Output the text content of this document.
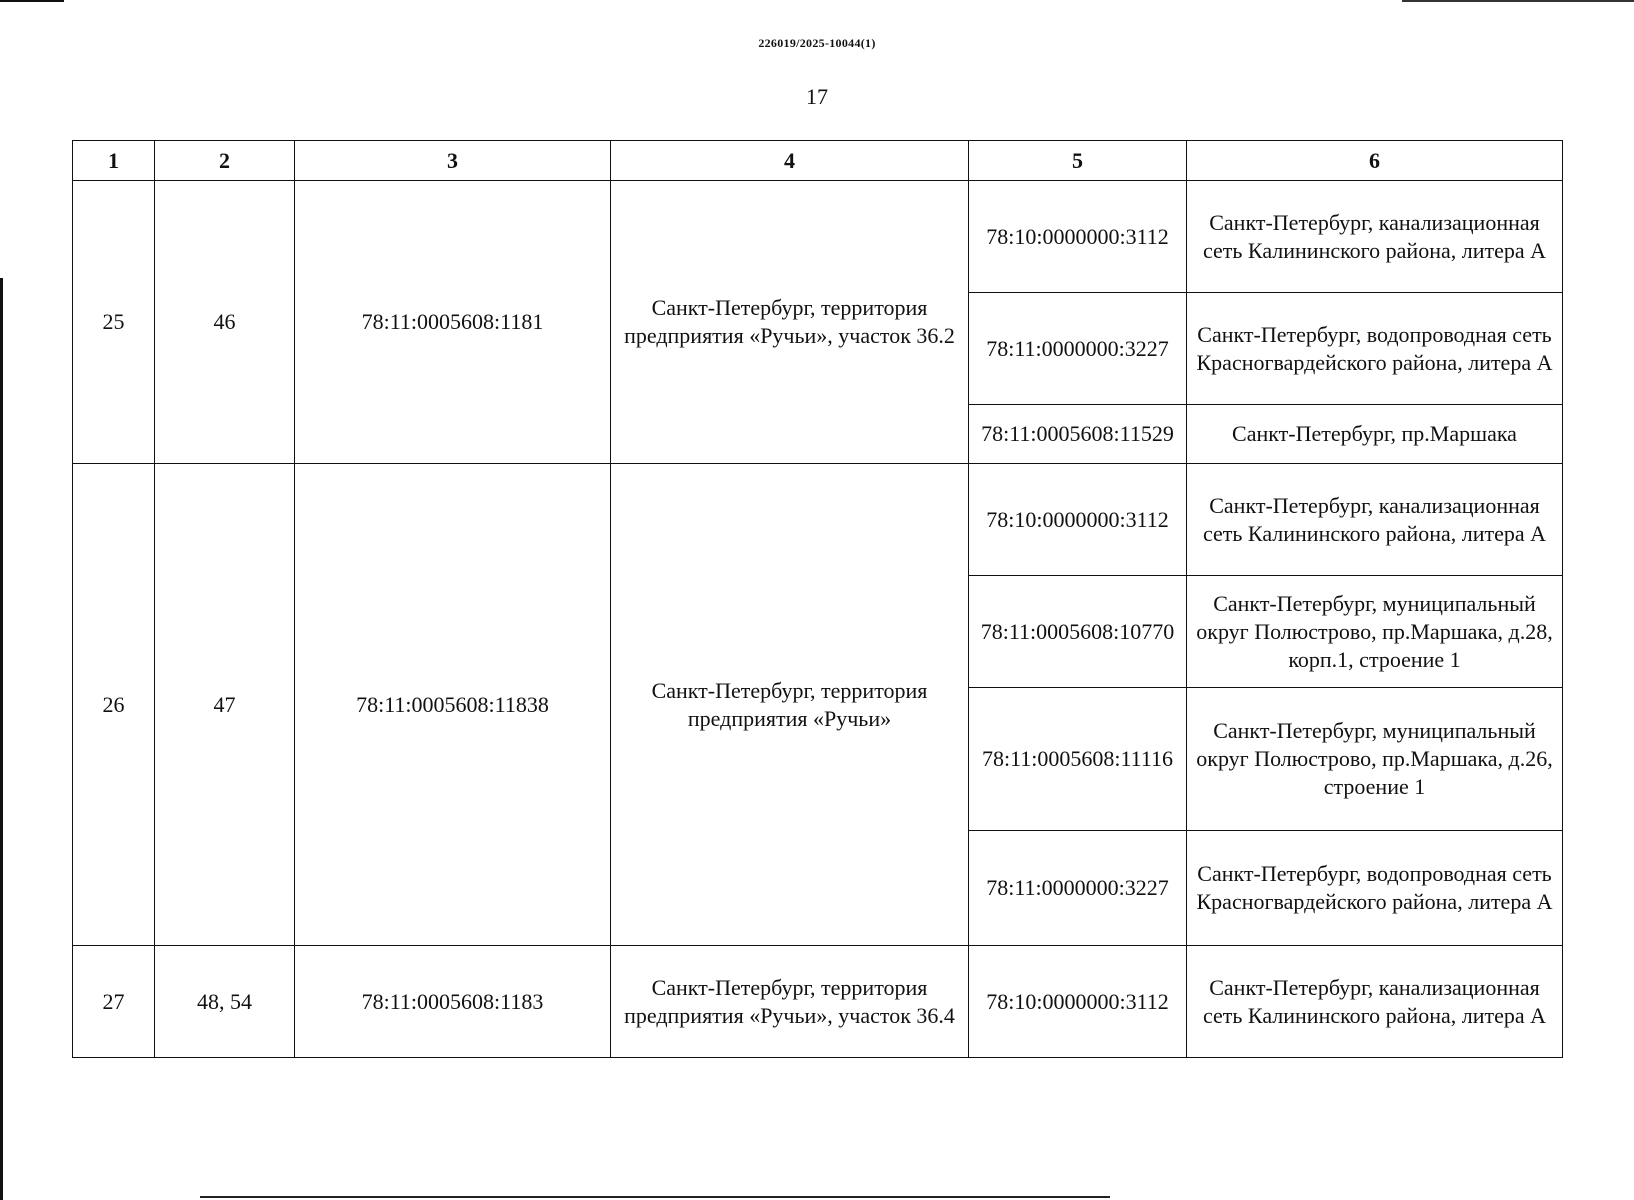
226019/2025-10044(1)
17
1	2	3	4	5	6
25	46	78:11:0005608:1181	Санкт-Петербург, территория предприятия «Ручьи», участок 36.2	78:10:0000000:3112	Санкт-Петербург, канализационная сеть Калининского района, литера А
				78:11:0000000:3227	Санкт-Петербург, водопроводная сеть Красногвардейского района, литера А
				78:11:0005608:11529	Санкт-Петербург, пр.Маршака
26	47	78:11:0005608:11838	Санкт-Петербург, территория предприятия «Ручьи»	78:10:0000000:3112	Санкт-Петербург, канализационная сеть Калининского района, литера А
				78:11:0005608:10770	Санкт-Петербург, муниципальный округ Полюстрово, пр.Маршака, д.28, корп.1, строение 1
				78:11:0005608:11116	Санкт-Петербург, муниципальный округ Полюстрово, пр.Маршака, д.26, строение 1
				78:11:0000000:3227	Санкт-Петербург, водопроводная сеть Красногвардейского района, литера А
27	48, 54	78:11:0005608:1183	Санкт-Петербург, территория предприятия «Ручьи», участок 36.4	78:10:0000000:3112	Санкт-Петербург, канализационная сеть Калининского района, литера А
